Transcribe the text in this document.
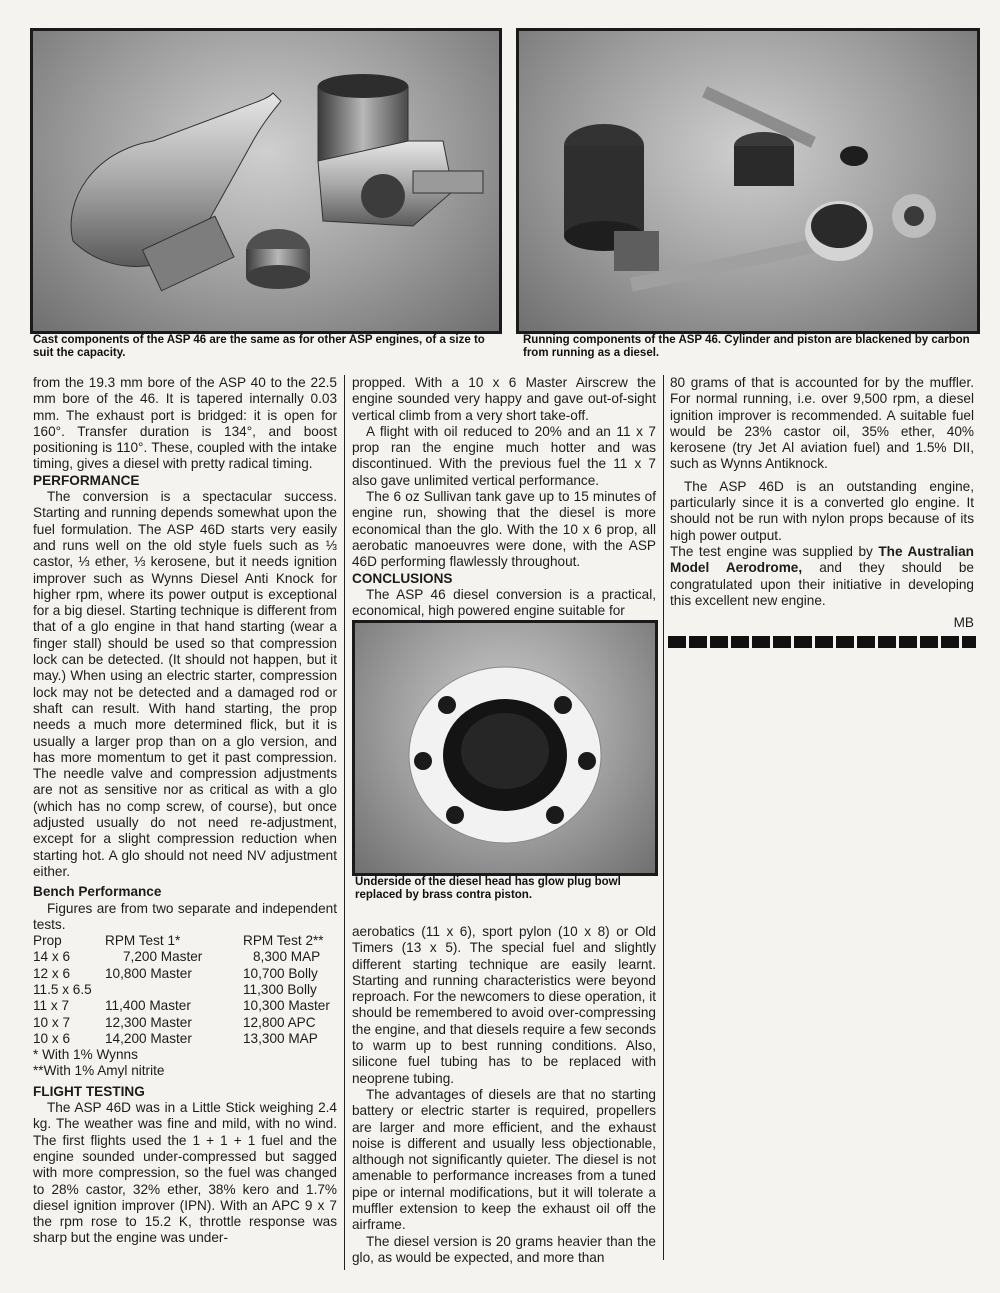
Cast components of the ASP 46 are the same as for other ASP engines, of a size to suit the capacity.
Running components of the ASP 46. Cylinder and piston are blackened by carbon from running as a diesel.

from the 19.3 mm bore of the ASP 40 to the 22.5 mm bore of the 46. It is tapered internally 0.03 mm. The exhaust port is bridged: it is open for 160°. Transfer duration is 134°, and boost positioning is 110°. These, coupled with the intake timing, gives a diesel with pretty radical timing.

PERFORMANCE

The conversion is a spectacular success. Starting and running depends somewhat upon the fuel formulation. The ASP 46D starts very easily and runs well on the old style fuels such as ⅓ castor, ⅓ ether, ⅓ kerosene, but it needs ignition improver such as Wynns Diesel Anti Knock for higher rpm, where its power output is exceptional for a big diesel. Starting technique is different from that of a glo engine in that hand starting (wear a finger stall) should be used so that compression lock can be detected. (It should not happen, but it may.) When using an electric starter, compression lock may not be detected and a damaged rod or shaft can result. With hand starting, the prop needs a much more determined flick, but it is usually a larger prop than on a glo version, and has more momentum to get it past compression. The needle valve and compression adjustments are not as sensitive nor as critical as with a glo (which has no comp screw, of course), but once adjusted usually do not need re-adjustment, except for a slight compression reduction when starting hot. A glo should not need NV adjustment either.

Bench Performance

Figures are from two separate and independent tests.

Prop	RPM Test 1*	RPM Test 2**
14 x 6	7,200 Master	8,300 MAP
12 x 6	10,800 Master	10,700 Bolly
11.5 x 6.5		11,300 Bolly
11 x 7	11,400 Master	10,300 Master
10 x 7	12,300 Master	12,800 APC
10 x 6	14,200 Master	13,300 MAP

* With 1% Wynns

**With 1% Amyl nitrite

FLIGHT TESTING

The ASP 46D was in a Little Stick weighing 2.4 kg. The weather was fine and mild, with no wind. The first flights used the 1 + 1 + 1 fuel and the engine sounded under-compressed but sagged with more compression, so the fuel was changed to 28% castor, 32% ether, 38% kero and 1.7% diesel ignition improver (IPN). With an APC 9 x 7 the rpm rose to 15.2 K, throttle response was sharp but the engine was under-

propped. With a 10 x 6 Master Airscrew the engine sounded very happy and gave out-of-sight vertical climb from a very short take-off.

A flight with oil reduced to 20% and an 11 x 7 prop ran the engine much hotter and was discontinued. With the previous fuel the 11 x 7 also gave unlimited vertical performance.

The 6 oz Sullivan tank gave up to 15 minutes of engine run, showing that the diesel is more economical than the glo. With the 10 x 6 prop, all aerobatic manoeuvres were done, with the ASP 46D performing flawlessly throughout.

CONCLUSIONS

The ASP 46 diesel conversion is a practical, economical, high powered engine suitable for

Underside of the diesel head has glow plug bowl replaced by brass contra piston.

aerobatics (11 x 6), sport pylon (10 x 8) or Old Timers (13 x 5). The special fuel and slightly different starting technique are easily learnt. Starting and running characteristics were beyond reproach. For the newcomers to diese operation, it should be remembered to avoid over-compressing the engine, and that diesels require a few seconds to warm up to best running conditions. Also, silicone fuel tubing has to be replaced with neoprene tubing.

The advantages of diesels are that no starting battery or electric starter is required, propellers are larger and more efficient, and the exhaust noise is different and usually less objectionable, although not significantly quieter. The diesel is not amenable to performance increases from a tuned pipe or internal modifications, but it will tolerate a muffler extension to keep the exhaust oil off the airframe.

The diesel version is 20 grams heavier than the glo, as would be expected, and more than

80 grams of that is accounted for by the muffler. For normal running, i.e. over 9,500 rpm, a diesel ignition improver is recommended. A suitable fuel would be 23% castor oil, 35% ether, 40% kerosene (try Jet Al aviation fuel) and 1.5% DII, such as Wynns Antiknock.

The ASP 46D is an outstanding engine, particularly since it is a converted glo engine. It should not be run with nylon props because of its high power output.

The test engine was supplied by The Australian Model Aerodrome, and they should be congratulated upon their initiative in developing this excellent new engine.

MB
